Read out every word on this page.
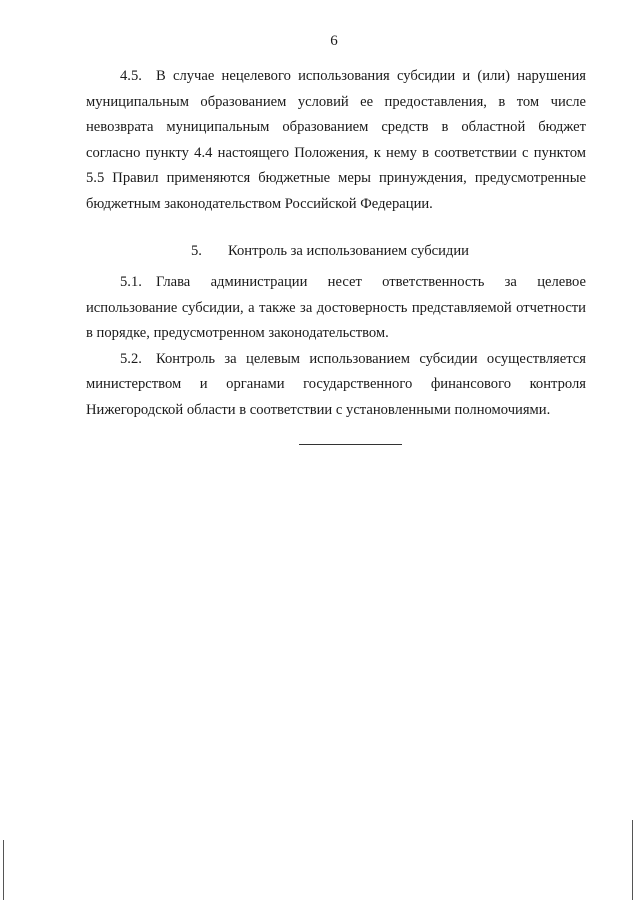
6

4.5. В случае нецелевого использования субсидии и (или) нарушения муниципальным образованием условий ее предоставления, в том числе невозврата муниципальным образованием средств в областной бюджет согласно пункту 4.4 настоящего Положения, к нему в соответствии с пунктом 5.5 Правил применяются бюджетные меры принуждения, предусмотренные бюджетным законодательством Российской Федерации.

5. Контроль за использованием субсидии

5.1. Глава администрации несет ответственность за целевое использование субсидии, а также за достоверность представляемой отчетности в порядке, предусмотренном законодательством.

5.2. Контроль за целевым использованием субсидии осуществляется министерством и органами государственного финансового контроля Нижегородской области в соответствии с установленными полномочиями.
